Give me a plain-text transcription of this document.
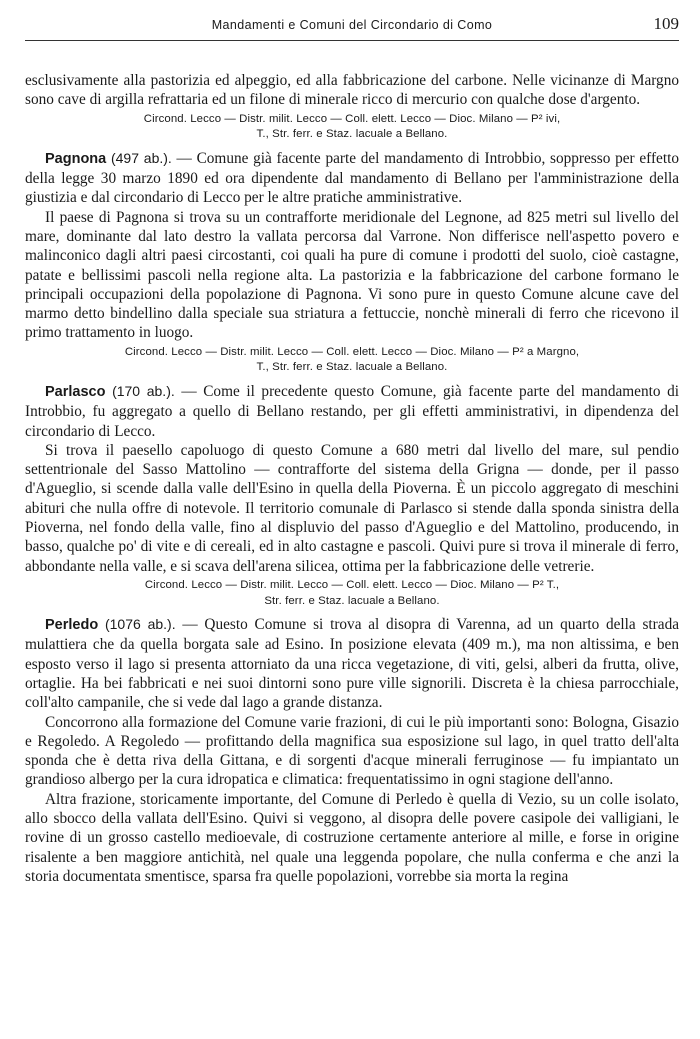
Mandamenti e Comuni del Circondario di Como	109

esclusivamente alla pastorizia ed alpeggio, ed alla fabbricazione del carbone. Nelle vicinanze di Margno sono cave di argilla refrattaria ed un filone di minerale ricco di mercurio con qualche dose d'argento.

Circond. Lecco — Distr. milit. Lecco — Coll. elett. Lecco — Dioc. Milano — P² ivi,
T., Str. ferr. e Staz. lacuale a Bellano.

Pagnona (497 ab.). — Comune già facente parte del mandamento di Introbbio, soppresso per effetto della legge 30 marzo 1890 ed ora dipendente dal mandamento di Bellano per l'amministrazione della giustizia e dal circondario di Lecco per le altre pratiche amministrative.

Il paese di Pagnona si trova su un contrafforte meridionale del Legnone, ad 825 metri sul livello del mare, dominante dal lato destro la vallata percorsa dal Varrone. Non differisce nell'aspetto povero e malinconico dagli altri paesi circostanti, coi quali ha pure di comune i prodotti del suolo, cioè castagne, patate e bellissimi pascoli nella regione alta. La pastorizia e la fabbricazione del carbone formano le principali occupazioni della popolazione di Pagnona. Vi sono pure in questo Comune alcune cave del marmo detto bindellino dalla speciale sua striatura a fettuccie, nonchè minerali di ferro che ricevono il primo trattamento in luogo.

Circond. Lecco — Distr. milit. Lecco — Coll. elett. Lecco — Dioc. Milano — P² a Margno,
T., Str. ferr. e Staz. lacuale a Bellano.

Parlasco (170 ab.). — Come il precedente questo Comune, già facente parte del mandamento di Introbbio, fu aggregato a quello di Bellano restando, per gli effetti amministrativi, in dipendenza del circondario di Lecco.

Si trova il paesello capoluogo di questo Comune a 680 metri dal livello del mare, sul pendio settentrionale del Sasso Mattolino — contrafforte del sistema della Grigna — donde, per il passo d'Agueglio, si scende dalla valle dell'Esino in quella della Pioverna. È un piccolo aggregato di meschini abituri che nulla offre di notevole. Il territorio comunale di Parlasco si stende dalla sponda sinistra della Pioverna, nel fondo della valle, fino al displuvio del passo d'Agueglio e del Mattolino, producendo, in basso, qualche po' di vite e di cereali, ed in alto castagne e pascoli. Quivi pure si trova il minerale di ferro, abbondante nella valle, e si scava dell'arena silicea, ottima per la fabbricazione delle vetrerie.

Circond. Lecco — Distr. milit. Lecco — Coll. elett. Lecco — Dioc. Milano — P² T.,
Str. ferr. e Staz. lacuale a Bellano.

Perledo (1076 ab.). — Questo Comune si trova al disopra di Varenna, ad un quarto della strada mulattiera che da quella borgata sale ad Esino. In posizione elevata (409 m.), ma non altissima, e ben esposto verso il lago si presenta attorniato da una ricca vegetazione, di viti, gelsi, alberi da frutta, olive, ortaglie. Ha bei fabbricati e nei suoi dintorni sono pure ville signorili. Discreta è la chiesa parrocchiale, coll'alto campanile, che si vede dal lago a grande distanza.

Concorrono alla formazione del Comune varie frazioni, di cui le più importanti sono: Bologna, Gisazio e Regoledo. A Regoledo — profittando della magnifica sua esposizione sul lago, in quel tratto dell'alta sponda che è detta riva della Gittana, e di sorgenti d'acque minerali ferruginose — fu impiantato un grandioso albergo per la cura idropatica e climatica: frequentatissimo in ogni stagione dell'anno.

Altra frazione, storicamente importante, del Comune di Perledo è quella di Vezio, su un colle isolato, allo sbocco della vallata dell'Esino. Quivi si veggono, al disopra delle povere casipole dei valligiani, le rovine di un grosso castello medioevale, di costruzione certamente anteriore al mille, e forse in origine risalente a ben maggiore antichità, nel quale una leggenda popolare, che nulla conferma e che anzi la storia documentata smentisce, sparsa fra quelle popolazioni, vorrebbe sia morta la regina
